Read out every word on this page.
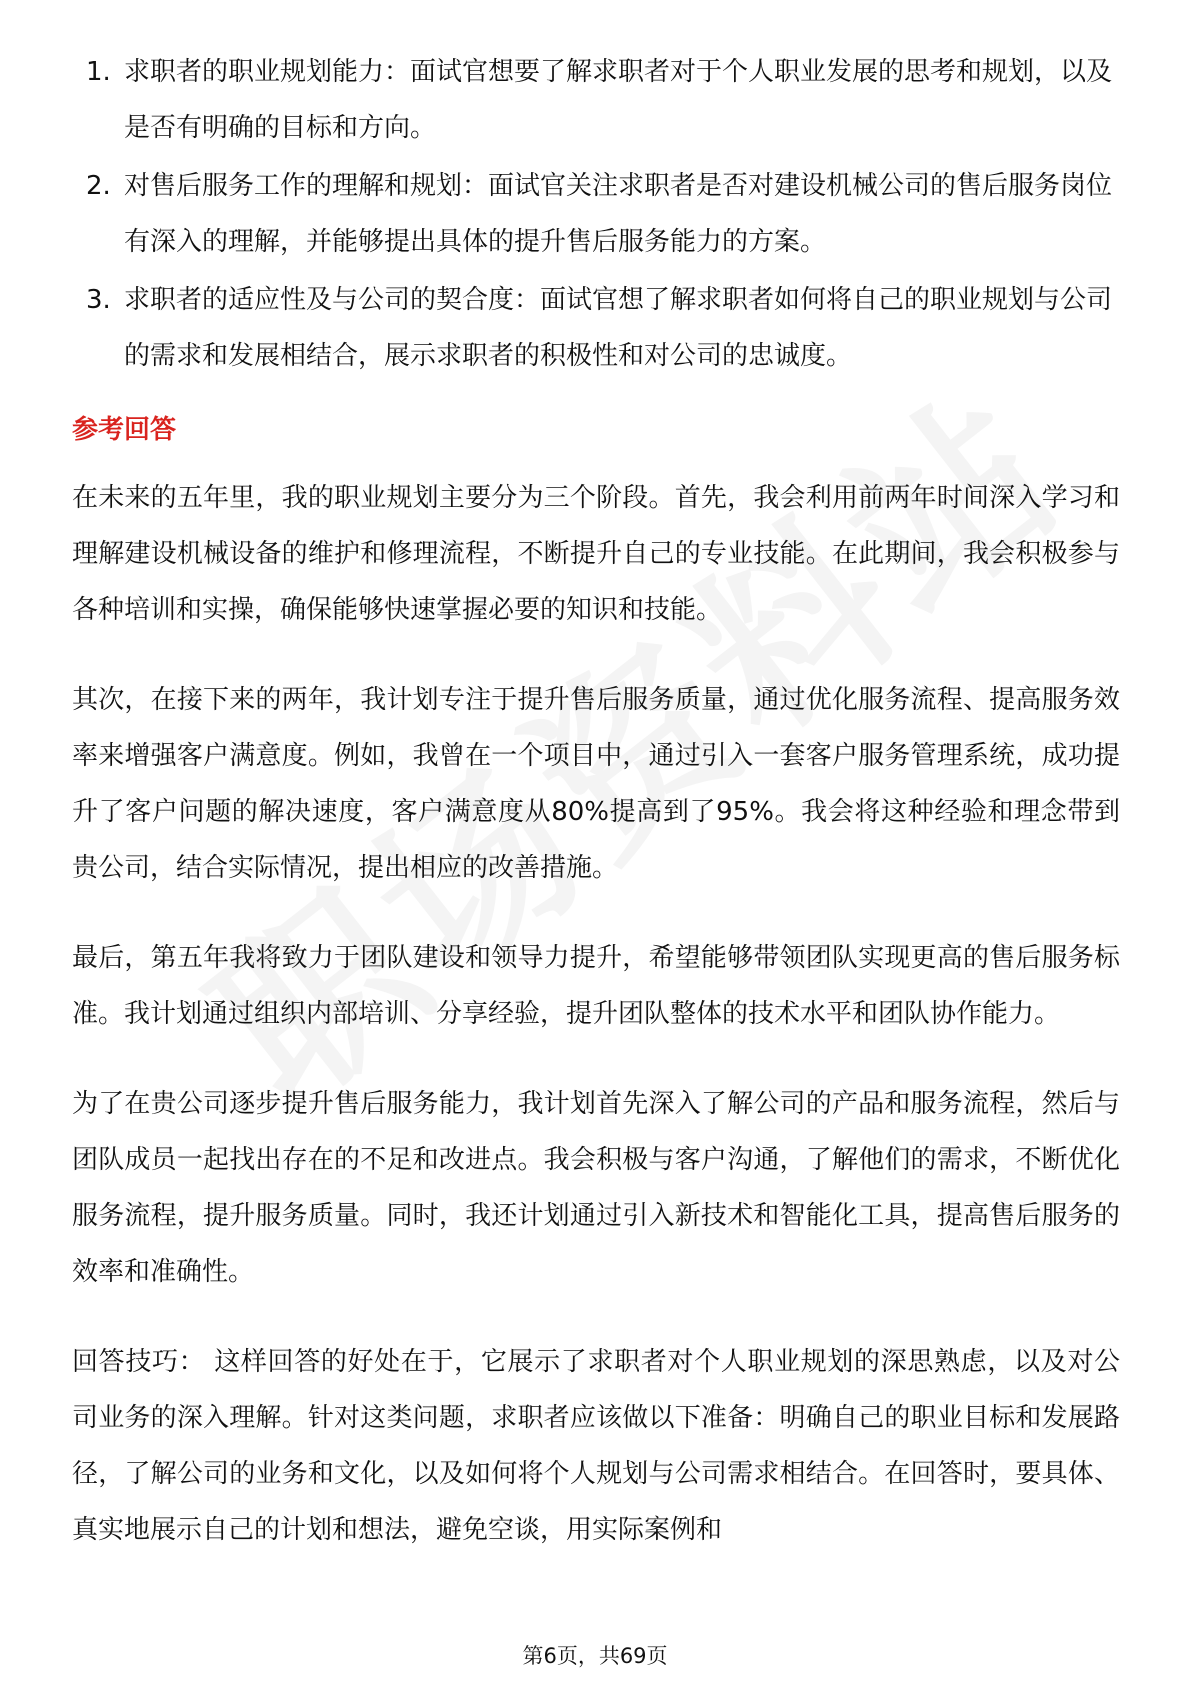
1. 求职者的职业规划能力：面试官想要了解求职者对于个人职业发展的思考和规划，以及是否有明确的目标和方向。
2. 对售后服务工作的理解和规划：面试官关注求职者是否对建设机械公司的售后服务岗位有深入的理解，并能够提出具体的提升售后服务能力的方案。
3. 求职者的适应性及与公司的契合度：面试官想了解求职者如何将自己的职业规划与公司的需求和发展相结合，展示求职者的积极性和对公司的忠诚度。
参考回答
在未来的五年里，我的职业规划主要分为三个阶段。首先，我会利用前两年时间深入学习和理解建设机械设备的维护和修理流程，不断提升自己的专业技能。在此期间，我会积极参与各种培训和实操，确保能够快速掌握必要的知识和技能。
其次，在接下来的两年，我计划专注于提升售后服务质量，通过优化服务流程、提高服务效率来增强客户满意度。例如，我曾在一个项目中，通过引入一套客户服务管理系统，成功提升了客户问题的解决速度，客户满意度从80%提高到了95%。我会将这种经验和理念带到贵公司，结合实际情况，提出相应的改善措施。
最后，第五年我将致力于团队建设和领导力提升，希望能够带领团队实现更高的售后服务标准。我计划通过组织内部培训、分享经验，提升团队整体的技术水平和团队协作能力。
为了在贵公司逐步提升售后服务能力，我计划首先深入了解公司的产品和服务流程，然后与团队成员一起找出存在的不足和改进点。我会积极与客户沟通，了解他们的需求，不断优化服务流程，提升服务质量。同时，我还计划通过引入新技术和智能化工具，提高售后服务的效率和准确性。
回答技巧： 这样回答的好处在于，它展示了求职者对个人职业规划的深思熟虑，以及对公司业务的深入理解。针对这类问题，求职者应该做以下准备：明确自己的职业目标和发展路径，了解公司的业务和文化，以及如何将个人规划与公司需求相结合。在回答时，要具体、真实地展示自己的计划和想法，避免空谈，用实际案例和
第6页，共69页
